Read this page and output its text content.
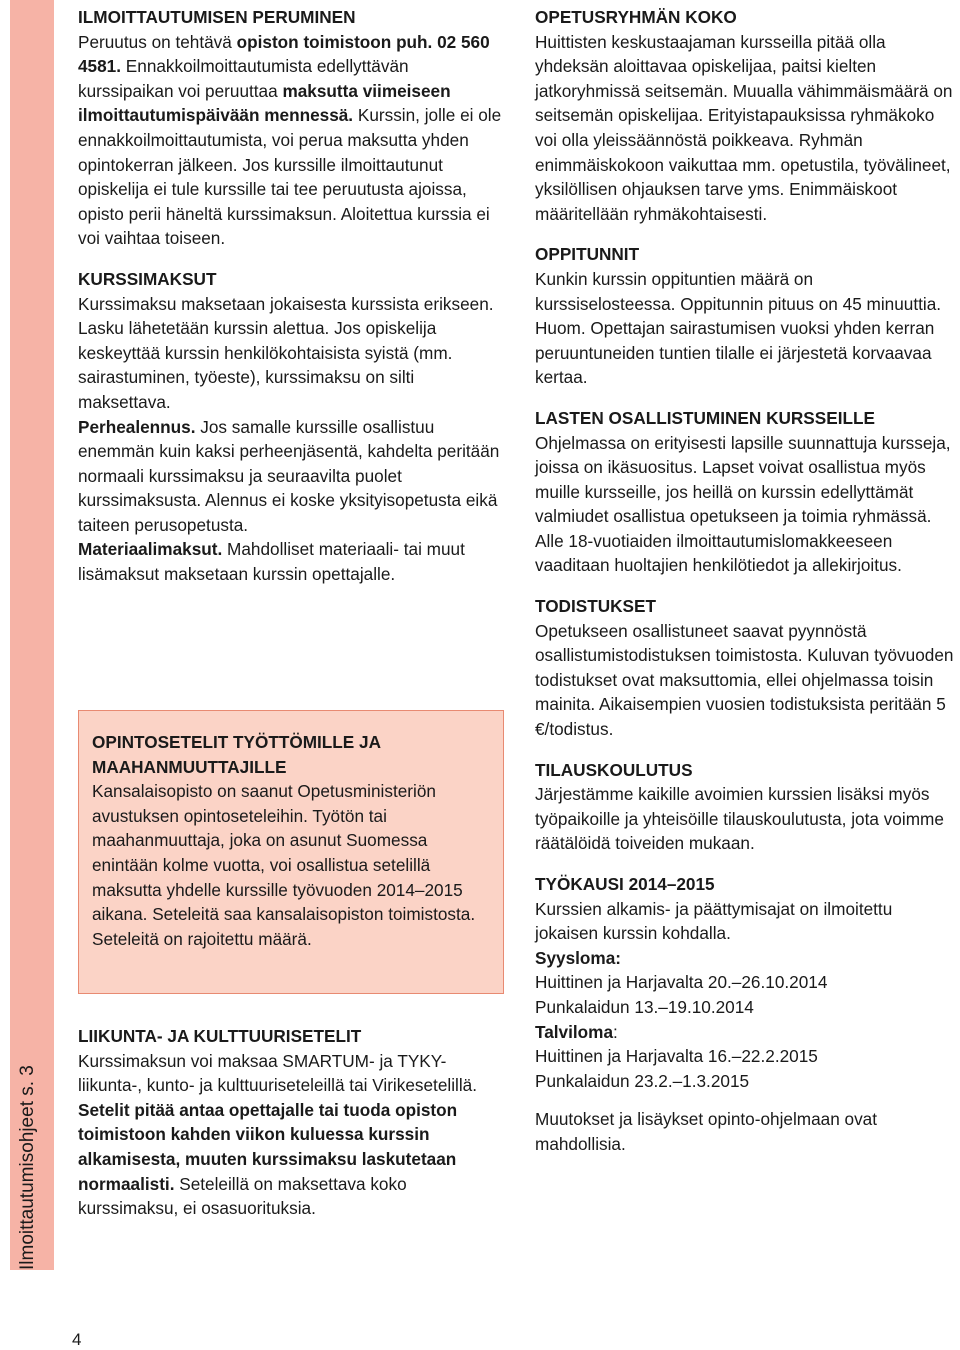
Ilmoittautumisohjeet s. 3
4
ILMOITTAUTUMISEN PERUMINEN

Peruutus on tehtävä opiston toimistoon puh. 02 560 4581. Ennakkoilmoittautumista edellyttävän kurssipaikan voi peruuttaa maksutta viimeiseen ilmoittautumispäivään mennessä. Kurssin, jolle ei ole ennakkoilmoittautumista, voi perua maksutta yhden opintokerran jälkeen. Jos kurssille ilmoittautunut opiskelija ei tule kurssille tai tee peruutusta ajoissa, opisto perii häneltä kurssimaksun. Aloitettua kurssia ei voi vaihtaa toiseen.

KURSSIMAKSUT

Kurssimaksu maksetaan jokaisesta kurssista erikseen. Lasku lähetetään kurssin alettua. Jos opiskelija keskeyttää kurssin henkilökohtaisista syistä (mm. sairastuminen, työeste), kurssimaksu on silti maksettava.

Perhealennus. Jos samalle kurssille osallistuu enemmän kuin kaksi perheenjäsentä, kahdelta peritään normaali kurssimaksu ja seuraavilta puolet kurssimaksusta. Alennus ei koske yksityisopetusta eikä taiteen perusopetusta.

Materiaalimaksut. Mahdolliset materiaali- tai muut lisämaksut maksetaan kurssin opettajalle.

OPINTOSETELIT TYÖTTÖMILLE JA MAAHANMUUTTAJILLE

Kansalaisopisto on saanut Opetusministeriön avustuksen opintoseteleihin. Työtön tai maahanmuuttaja, joka on asunut Suomessa enintään kolme vuotta, voi osallistua setelillä maksutta yhdelle kurssille työvuoden 2014–2015 aikana. Seteleitä saa kansalaisopiston toimistosta. Seteleitä on rajoitettu määrä.

LIIKUNTA- JA KULTTUURISETELIT

Kurssimaksun voi maksaa SMARTUM- ja TYKY-liikunta-, kunto- ja kulttuuriseteleillä tai Virikesetelillä. Setelit pitää antaa opettajalle tai tuoda opiston toimistoon kahden viikon kuluessa kurssin alkamisesta, muuten kurssimaksu laskutetaan normaalisti. Seteleillä on maksettava koko kurssimaksu, ei osasuorituksia.

OPETUSRYHMÄN KOKO

Huittisten keskustaajaman kursseilla pitää olla yhdeksän aloittavaa opiskelijaa, paitsi kielten jatkoryhmissä seitsemän. Muualla vähimmäismäärä on seitsemän opiskelijaa. Erityistapauksissa ryhmäkoko voi olla yleissäännöstä poikkeava. Ryhmän enimmäiskokoon vaikuttaa mm. opetustila, työvälineet, yksilöllisen ohjauksen tarve yms. Enimmäiskoot määritellään ryhmäkohtaisesti.

OPPITUNNIT

Kunkin kurssin oppituntien määrä on kurssiselosteessa. Oppitunnin pituus on 45 minuuttia. Huom. Opettajan sairastumisen vuoksi yhden kerran peruuntuneiden tuntien tilalle ei järjestetä korvaavaa kertaa.

LASTEN OSALLISTUMINEN KURSSEILLE

Ohjelmassa on erityisesti lapsille suunnattuja kursseja, joissa on ikäsuositus. Lapset voivat osallistua myös muille kursseille, jos heillä on kurssin edellyttämät valmiudet osallistua opetukseen ja toimia ryhmässä. Alle 18-vuotiaiden ilmoittautumislomakkeeseen vaaditaan huoltajien henkilötiedot ja allekirjoitus.

TODISTUKSET

Opetukseen osallistuneet saavat pyynnöstä osallistumistodistuksen toimistosta. Kuluvan työvuoden todistukset ovat maksuttomia, ellei ohjelmassa toisin mainita. Aikaisempien vuosien todistuksista peritään 5 €/todistus.

TILAUSKOULUTUS

Järjestämme kaikille avoimien kurssien lisäksi myös työpaikoille ja yhteisöille tilauskoulutusta, jota voimme räätälöidä toiveiden mukaan.

TYÖKAUSI 2014–2015

Kurssien alkamis- ja päättymisajat on ilmoitettu jokaisen kurssin kohdalla.

Syysloma:

Huittinen ja Harjavalta 20.–26.10.2014

Punkalaidun 13.–19.10.2014

Talviloma:

Huittinen ja Harjavalta 16.–22.2.2015

Punkalaidun 23.2.–1.3.2015

Muutokset ja lisäykset opinto-ohjelmaan ovat mahdollisia.
